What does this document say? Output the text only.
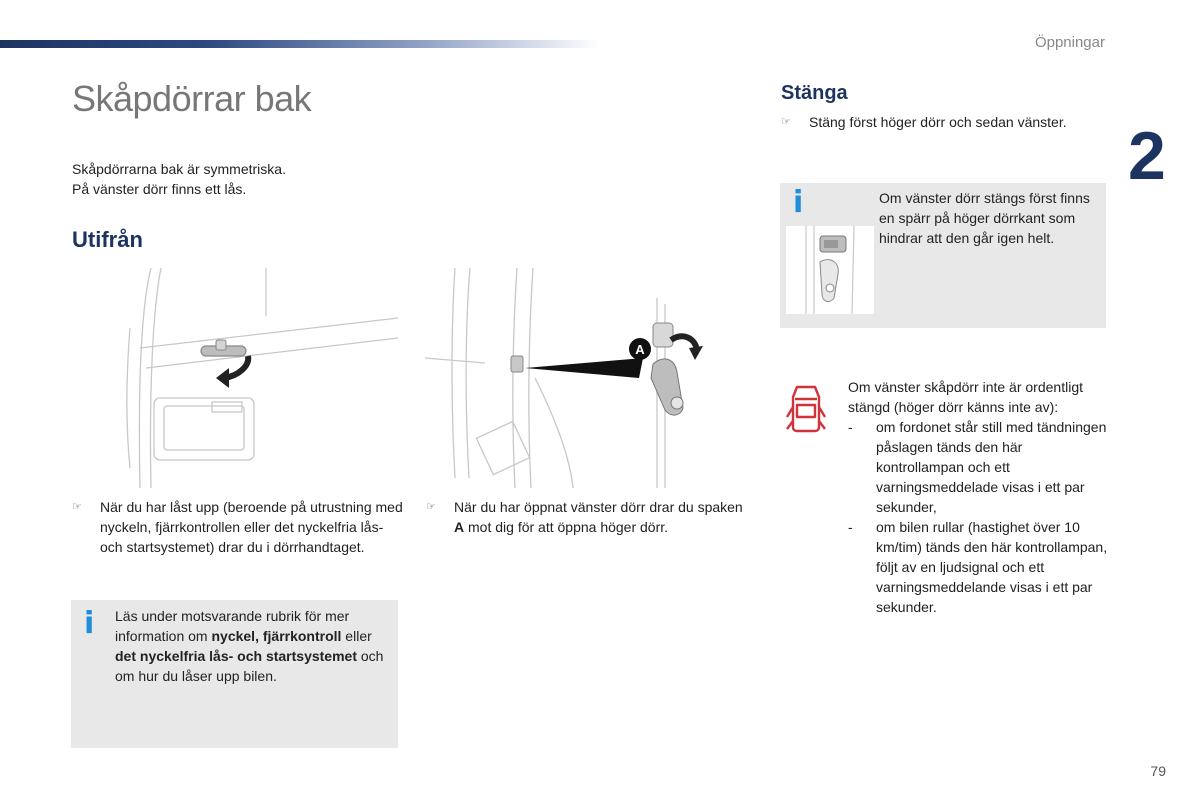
Öppningar
2
Skåpdörrar bak
Skåpdörrarna bak är symmetriska.
På vänster dörr finns ett lås.
Utifrån
A
☞ När du har låst upp (beroende på utrustning med nyckeln, fjärrkontrollen eller det nyckelfria lås- och startsystemet) drar du i dörrhandtaget.
☞ När du har öppnat vänster dörr drar du spaken A mot dig för att öppna höger dörr.
i Läs under motsvarande rubrik för mer information om nyckel, fjärrkontroll eller det nyckelfria lås- och startsystemet och om hur du låser upp bilen.
Stänga
☞ Stäng först höger dörr och sedan vänster.
i	Om vänster dörr stängs först finns en spärr på höger dörrkant som hindrar att den går igen helt.
Om vänster skåpdörr inte är ordentligt stängd (höger dörr känns inte av):
- om fordonet står still med tändningen påslagen tänds den här kontrollampan och ett varningsmeddelade visas i ett par sekunder,
- om bilen rullar (hastighet över 10 km/tim) tänds den här kontrollampan, följt av en ljudsignal och ett varningsmeddelande visas i ett par sekunder.
79
